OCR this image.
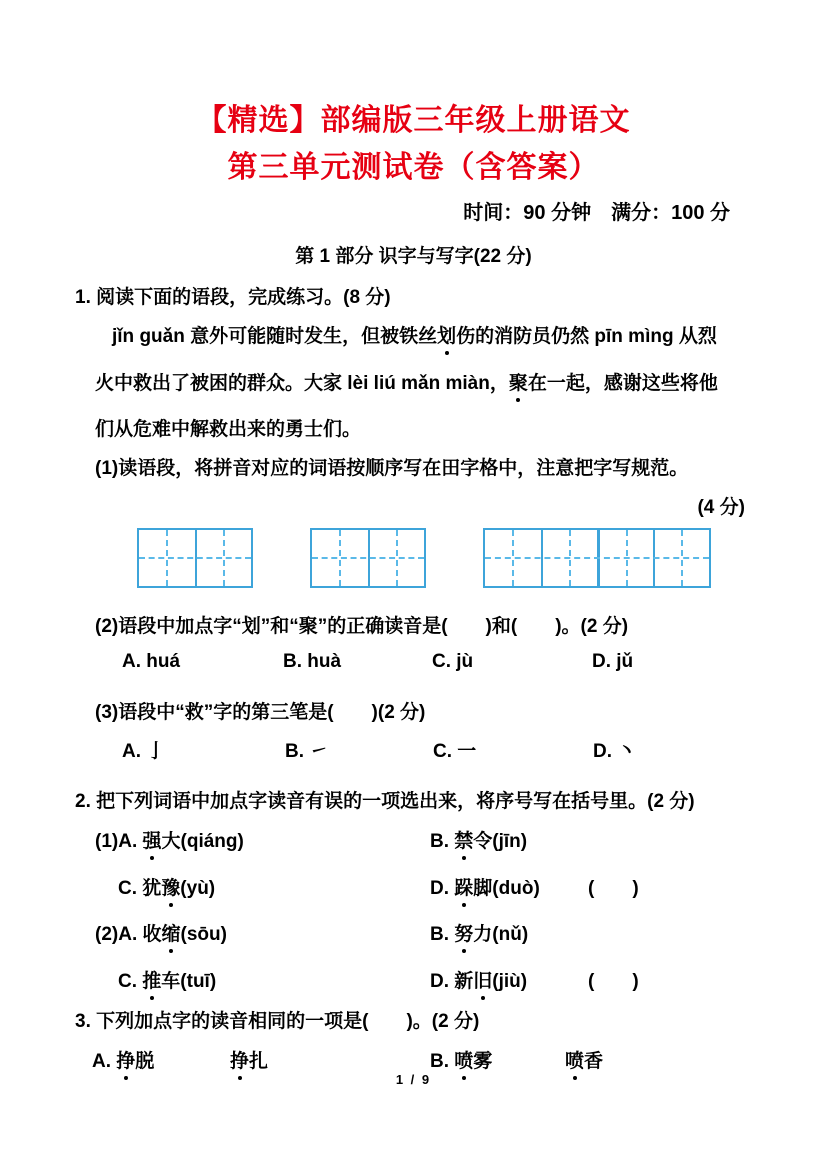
【精选】部编版三年级上册语文
第三单元测试卷（含答案）
时间：90 分钟　满分：100 分
第 1 部分 识字与写字(22 分)
1. 阅读下面的语段，完成练习。(8 分)
jǐn guǎn 意外可能随时发生，但被铁丝划伤的消防员仍然 pīn mìng 从烈
火中救出了被困的群众。大家 lèi liú mǎn miàn，聚在一起，感谢这些将他
们从危难中解救出来的勇士们。
(1)读语段，将拼音对应的词语按顺序写在田字格中，注意把字写规范。
(4 分)
(2)语段中加点字“划”和“聚”的正确读音是(　　)和(　　)。(2 分)
A. huá	B. huà	C. jù	D. jǔ
(3)语段中“救”字的第三笔是(　　)(2 分)
A. 亅	B. ㇀	C. 一	D. 丶
2. 把下列词语中加点字读音有误的一项选出来，将序号写在括号里。(2 分)
(1)A. 强大(qiáng)	B. 禁令(jīn)
C. 犹豫(yù)	D. 跺脚(duò)	(　　)
(2)A. 收缩(sōu)	B. 努力(nǔ)
C. 推车(tuī)	D. 新旧(jiù)	(　　)
3. 下列加点字的读音相同的一项是(　　)。(2 分)
A. 挣脱	挣扎	B. 喷雾	喷香
1 / 9
